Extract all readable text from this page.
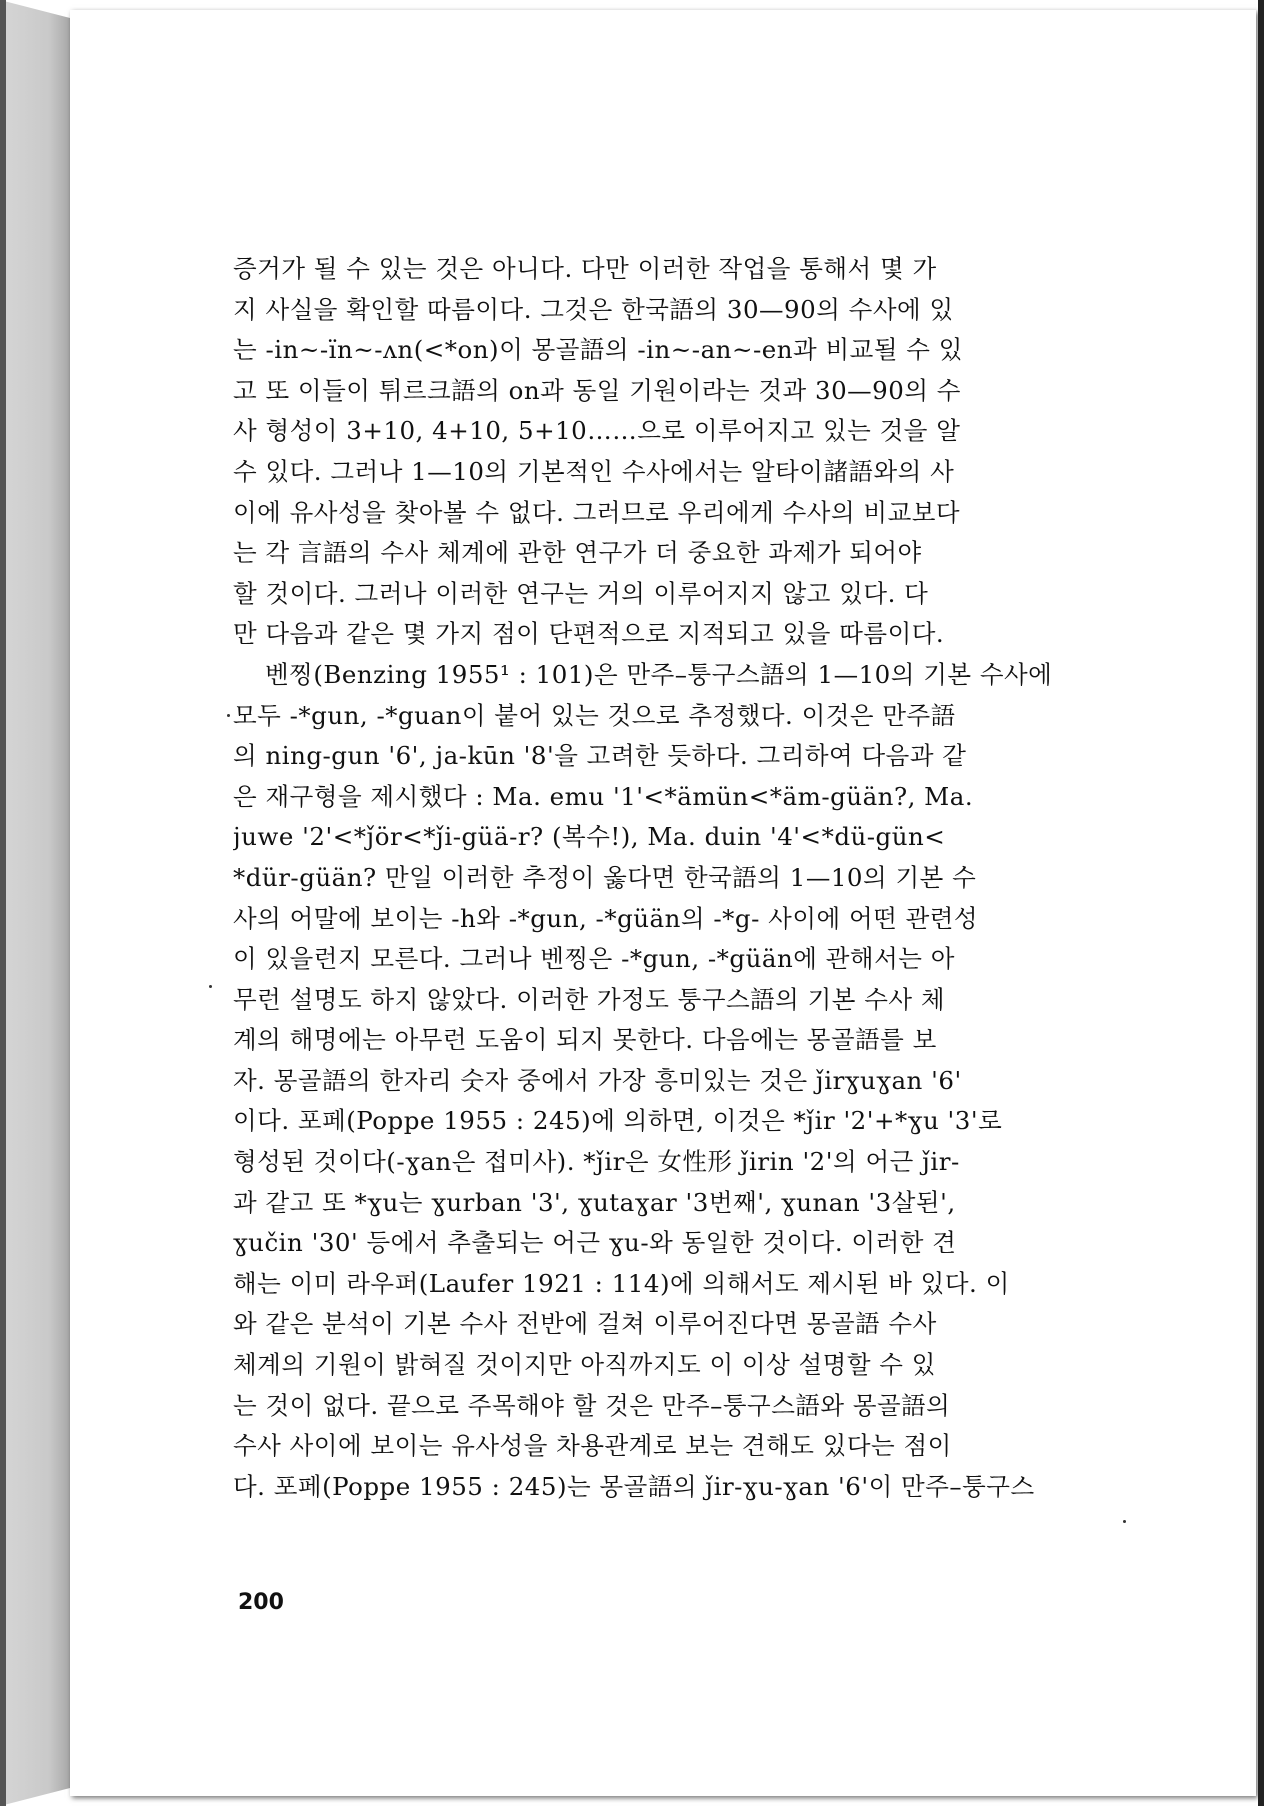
증거가 될 수 있는 것은 아니다. 다만 이러한 작업을 통해서 몇 가
지 사실을 확인할 따름이다. 그것은 한국語의 30—90의 수사에 있
는 -in~-ïn~-ʌn(<*on)이 몽골語의 -in~-an~-en과 비교될 수 있
고 또 이들이 튀르크語의 on과 동일 기원이라는 것과 30—90의 수
사 형성이 3+10, 4+10, 5+10……으로 이루어지고 있는 것을 알
수 있다. 그러나 1—10의 기본적인 수사에서는 알타이諸語와의 사
이에 유사성을 찾아볼 수 없다. 그러므로 우리에게 수사의 비교보다
는 각 言語의 수사 체계에 관한 연구가 더 중요한 과제가 되어야
할 것이다. 그러나 이러한 연구는 거의 이루어지지 않고 있다. 다
만 다음과 같은 몇 가지 점이 단편적으로 지적되고 있을 따름이다.
벤찡(Benzing 1955¹ : 101)은 만주–퉁구스語의 1—10의 기본 수사에
모두 -*gun, -*guan이 붙어 있는 것으로 추정했다. 이것은 만주語
의 ning-gun '6', ja-kūn '8'을 고려한 듯하다. 그리하여 다음과 같
은 재구형을 제시했다 : Ma. emu '1'<*ämün<*äm-güän?, Ma.
juwe '2'<*ǰör<*ǰi-güä-r? (복수!), Ma. duin '4'<*dü-gün<
*dür-güän? 만일 이러한 추정이 옳다면 한국語의 1—10의 기본 수
사의 어말에 보이는 -h와 -*gun, -*güän의 -*g- 사이에 어떤 관련성
이 있을런지 모른다. 그러나 벤찡은 -*gun, -*güän에 관해서는 아
무런 설명도 하지 않았다. 이러한 가정도 퉁구스語의 기본 수사 체
계의 해명에는 아무런 도움이 되지 못한다. 다음에는 몽골語를 보
자. 몽골語의 한자리 숫자 중에서 가장 흥미있는 것은 ǰirɣuɣan '6'
이다. 포페(Poppe 1955 : 245)에 의하면, 이것은 *ǰir '2'+*ɣu '3'로
형성된 것이다(-ɣan은 접미사). *ǰir은 女性形 ǰirin '2'의 어근 ǰir-
과 같고 또 *ɣu는 ɣurban '3', ɣutaɣar '3번째', ɣunan '3살된',
ɣučin '30' 등에서 추출되는 어근 ɣu-와 동일한 것이다. 이러한 견
해는 이미 라우퍼(Laufer 1921 : 114)에 의해서도 제시된 바 있다. 이
와 같은 분석이 기본 수사 전반에 걸쳐 이루어진다면 몽골語 수사
체계의 기원이 밝혀질 것이지만 아직까지도 이 이상 설명할 수 있
는 것이 없다. 끝으로 주목해야 할 것은 만주–퉁구스語와 몽골語의
수사 사이에 보이는 유사성을 차용관계로 보는 견해도 있다는 점이
다. 포페(Poppe 1955 : 245)는 몽골語의 ǰir-ɣu-ɣan '6'이 만주–퉁구스
200
